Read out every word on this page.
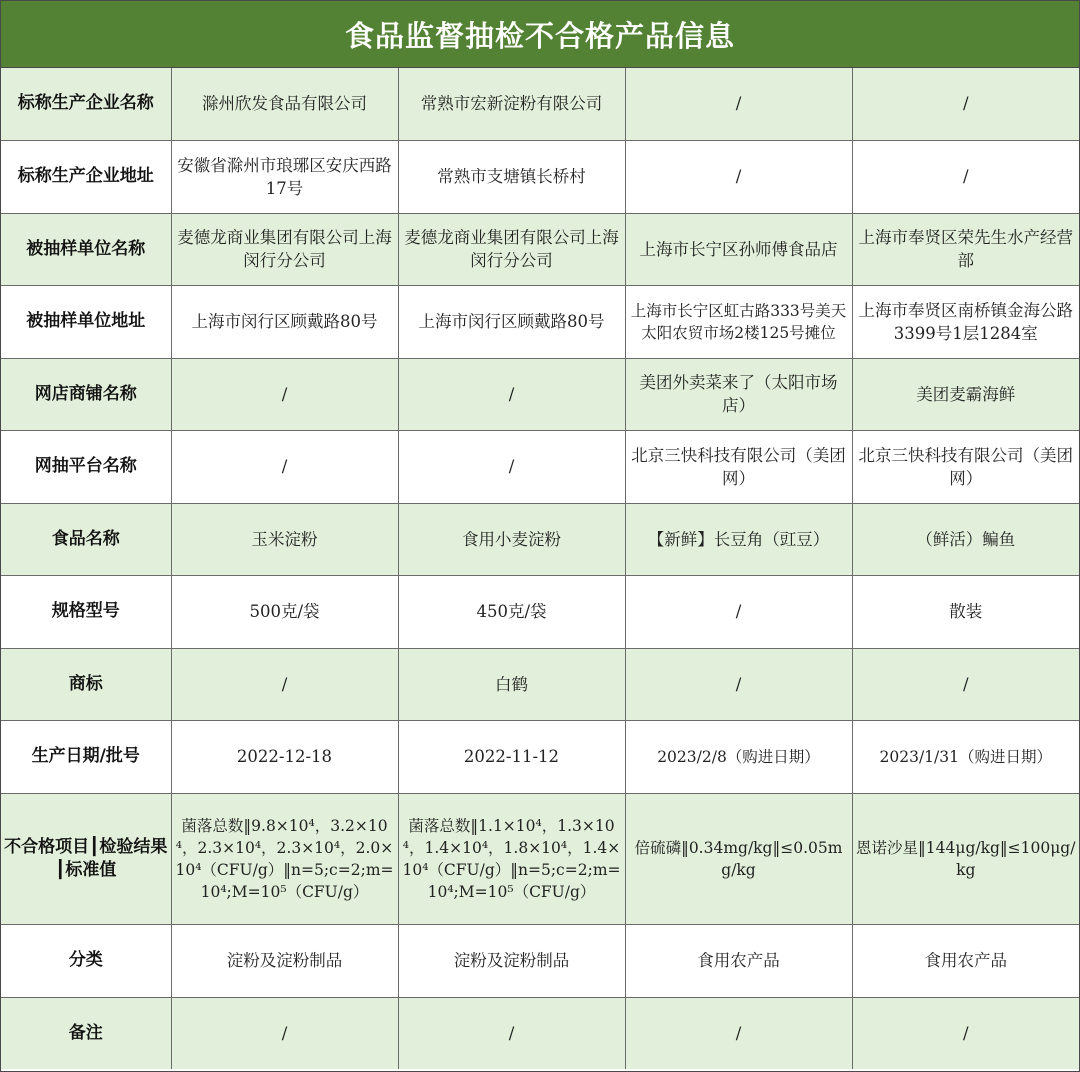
食品监督抽检不合格产品信息
标称生产企业名称	滁州欣发食品有限公司	常熟市宏新淀粉有限公司	/	/
标称生产企业地址	安徽省滁州市琅琊区安庆西路17号	常熟市支塘镇长桥村	/	/
被抽样单位名称	麦德龙商业集团有限公司上海闵行分公司	麦德龙商业集团有限公司上海闵行分公司	上海市长宁区孙师傅食品店	上海市奉贤区荣先生水产经营部
被抽样单位地址	上海市闵行区顾戴路80号	上海市闵行区顾戴路80号	上海市长宁区虹古路333号美天太阳农贸市场2楼125号摊位	上海市奉贤区南桥镇金海公路3399号1层1284室
网店商铺名称	/	/	美团外卖菜来了（太阳市场店）	美团麦霸海鲜
网抽平台名称	/	/	北京三快科技有限公司（美团网）	北京三快科技有限公司（美团网）
食品名称	玉米淀粉	食用小麦淀粉	【新鲜】长豆角（豇豆）	（鲜活）鳊鱼
规格型号	500克/袋	450克/袋	/	散装
商标	/	白鹤	/	/
生产日期/批号	2022-12-18	2022-11-12	2023/2/8（购进日期）	2023/1/31（购进日期）
不合格项目┃检验结果┃标准值	菌落总数‖9.8×10⁴，3.2×10⁴，2.3×10⁴，2.3×10⁴，2.0×10⁴（CFU/g）‖n=5;c=2;m=10⁴;M=10⁵（CFU/g）	菌落总数‖1.1×10⁴，1.3×10⁴，1.4×10⁴，1.8×10⁴，1.4×10⁴（CFU/g）‖n=5;c=2;m=10⁴;M=10⁵（CFU/g）	倍硫磷‖0.34mg/kg‖≤0.05mg/kg	恩诺沙星‖144μg/kg‖≤100μg/kg
分类	淀粉及淀粉制品	淀粉及淀粉制品	食用农产品	食用农产品
备注	/	/	/	/
